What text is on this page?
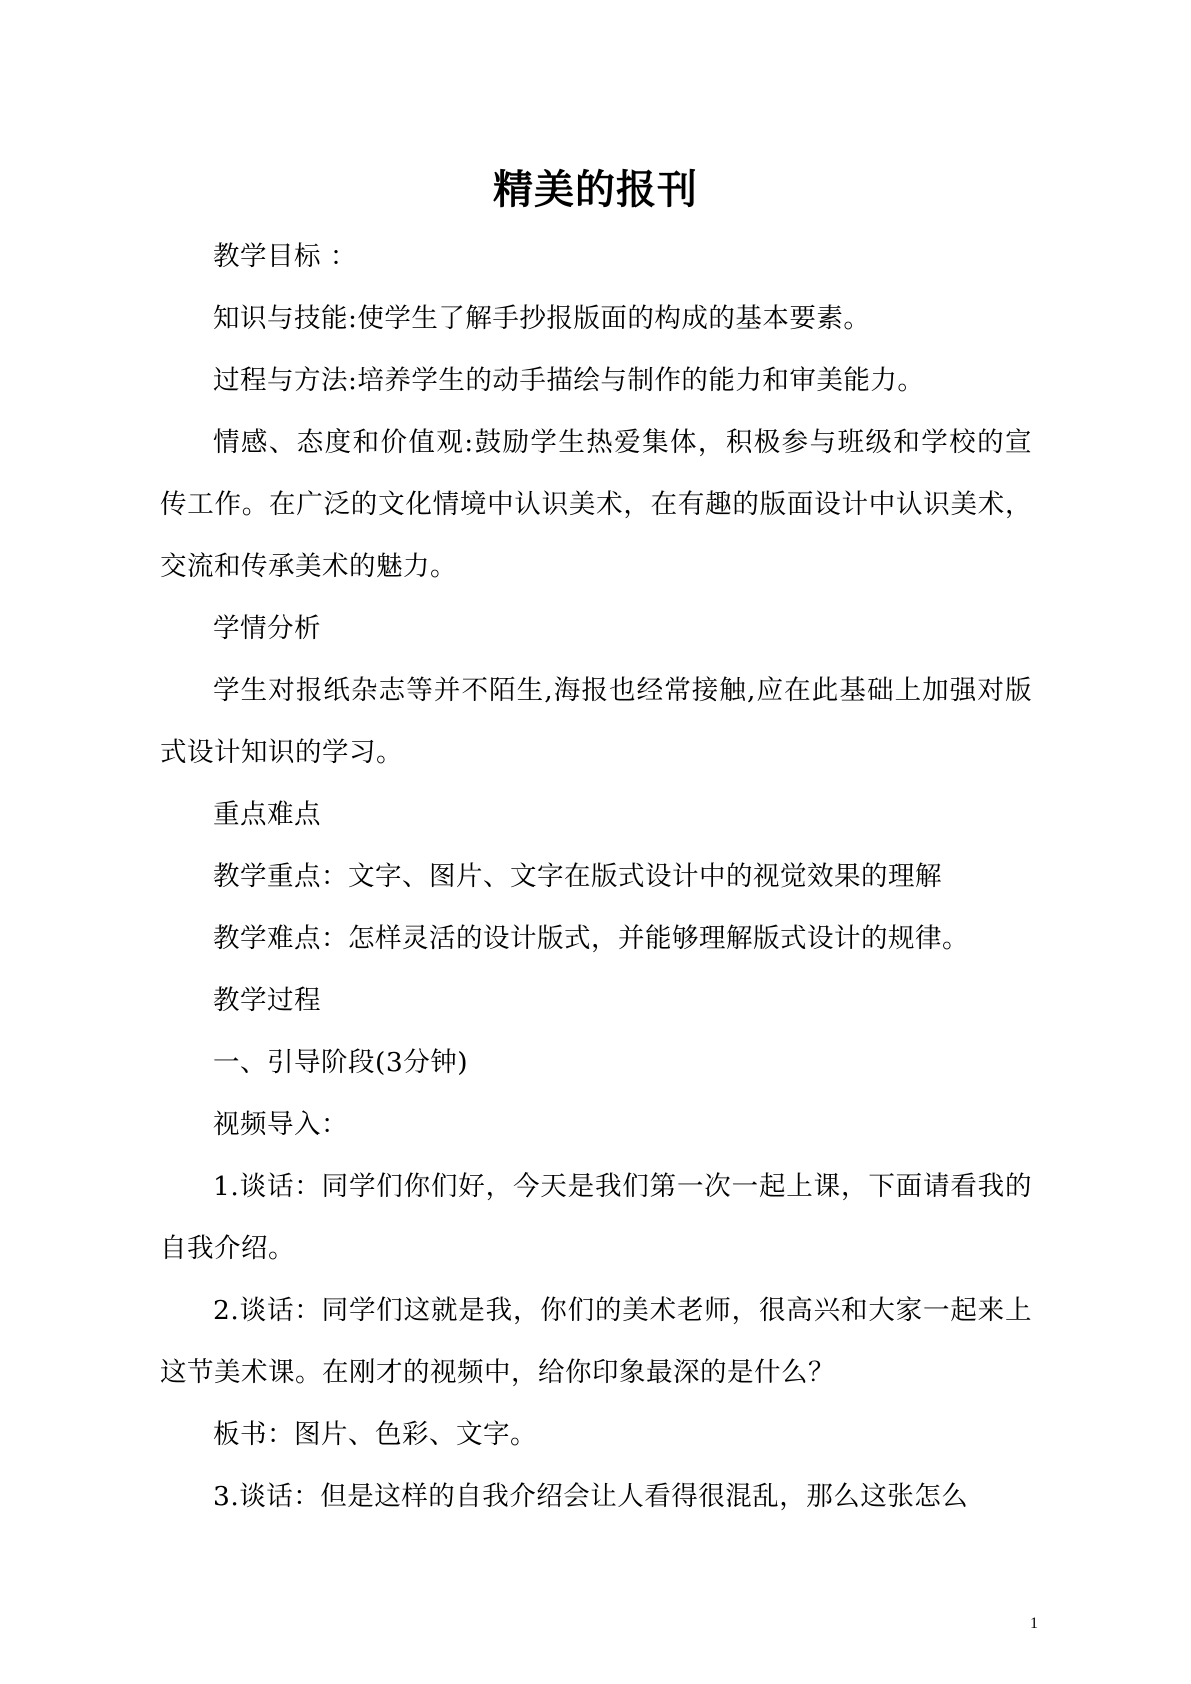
精美的报刊

教学目标 ：

知识与技能:使学生了解手抄报版面的构成的基本要素。

过程与方法:培养学生的动手描绘与制作的能力和审美能力。

情感、态度和价值观:鼓励学生热爱集体，积极参与班级和学校的宣传工作。在广泛的文化情境中认识美术，在有趣的版面设计中认识美术，交流和传承美术的魅力。

学情分析

学生对报纸杂志等并不陌生,海报也经常接触,应在此基础上加强对版式设计知识的学习。

重点难点

教学重点：文字、图片、文字在版式设计中的视觉效果的理解

教学难点：怎样灵活的设计版式，并能够理解版式设计的规律。

教学过程

一、引导阶段(3分钟)

视频导入：

1.谈话：同学们你们好，今天是我们第一次一起上课，下面请看我的自我介绍。

2.谈话：同学们这就是我，你们的美术老师，很高兴和大家一起来上这节美术课。在刚才的视频中，给你印象最深的是什么？

板书：图片、色彩、文字。

3.谈话：但是这样的自我介绍会让人看得很混乱，那么这张怎么

1
